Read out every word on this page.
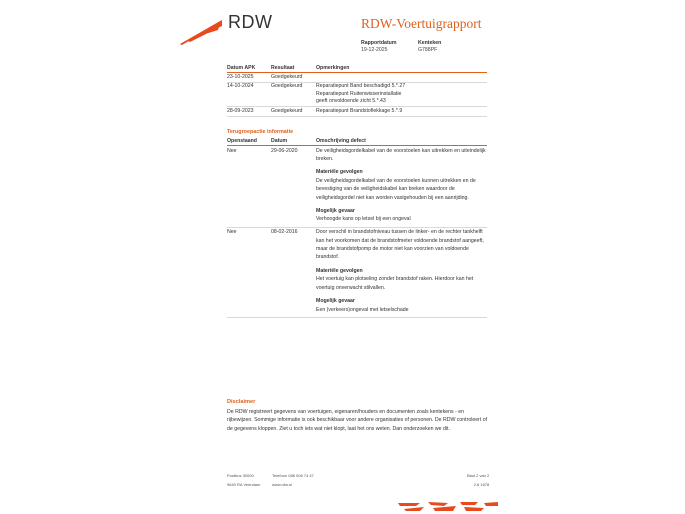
RDW	RDW-Voertuigrapport
Rapportdatum
19-12-2025
Kenteken
G788PF
Datum APK	Resultaat	Opmerkingen
23-10-2025	Goedgekeurd
14-10-2024	Goedgekeurd	Reparatiepunt Band beschadigd 5.*.27
Reparatiepunt Ruitenwisserinstallatie geeft onvoldoende zicht 5.*.43
28-09-2023	Goedgekeurd	Reparatiepunt Brandstoflekkage 5.*.9
Terugroepactie informatie
Openstaand	Datum	Omschrijving defect
Nee	29-06-2020	De veiligheidsgordelkabel van de voorstoelen kan uitrekken en uiteindelijk breken.
Materiële gevolgen
De veiligheidsgordelkabel van de voorstoelen kunnen uitrekken en de bevestiging van de veiligheidskabel kan breken waardoor de veiligheidsgordel niet kan worden vastgehouden bij een aanrijding.
Mogelijk gevaar
Verhoogde kans op letsel bij een ongeval
Nee	08-02-2016	Door verschil in brandstofniveau tussen de linker- en de rechter tankhelft kan het voorkomen dat de brandstofmeter voldoende brandstof aangeeft, maar de brandstofpomp de motor niet kan voorzien van voldoende brandstof.
Materiële gevolgen
Het voertuig kan plotseling zonder brandstof raken. Hierdoor kan het voertuig onverwacht stilvallen.
Mogelijk gevaar
Een (verkeers)ongeval met letselschade
Disclaimer
De RDW registreert gegevens van voertuigen, eigenaren/houders en documenten zoals kentekens - en rijbewijzen. Sommige informatie is ook beschikbaar voor andere organisaties of personen. De RDW controleert of de gegevens kloppen. Ziet u toch iets wat niet klopt, laat het ons weten. Dan onderzoeken we dit.
Postbus 30000
9640 RA Veendam
Telefoon 088 008 74 47
www.rdw.nl
Blad 2 van 2
2.6 1678
